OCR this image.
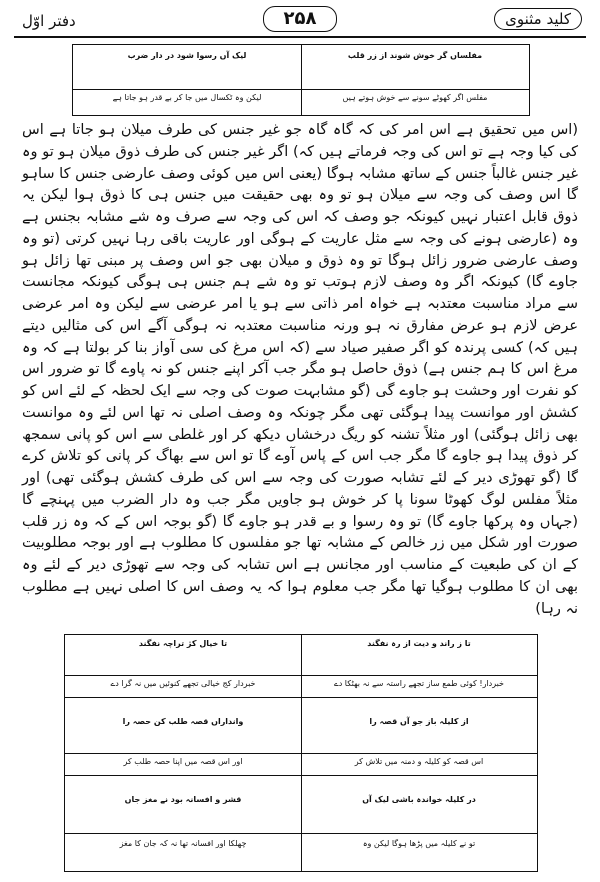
دفتر اوّل	۲۵۸	کلید مثنوی
مفلساں گر خوش شوند از زر قلب
لیک آں رسوا شود در دار ضرب
مفلس اگر کھوٹے سونے سے خوش ہوتے ہیں
لیکن وہ ٹکسال میں جا کر بے قدر ہو جاتا ہے

(اس میں تحقیق ہے اس امر کی کہ گاہ گاہ جو غیر جنس کی طرف میلان ہو جاتا ہے اس کی کیا وجہ ہے تو اس کی وجہ فرماتے ہیں کہ) اگر غیر جنس کی طرف ذوق میلان ہو تو وہ غیر جنس غالباً جنس کے ساتھ مشابہ ہوگا (یعنی اس میں کوئی وصف عارضی جنس کا ساہو گا اس وصف کی وجہ سے میلان ہو تو وہ بھی حقیقت میں جنس ہی کا ذوق ہوا لیکن یہ ذوق قابل اعتبار نہیں کیونکہ جو وصف کہ اس کی وجہ سے صرف وہ شے مشابہ بجنس ہے وہ (عارضی ہونے کی وجہ سے مثل عاریت کے ہوگی اور عاریت باقی رہا نہیں کرتی (تو وہ وصف عارضی ضرور زائل ہوگا تو وہ ذوق و میلان بھی جو اس وصف پر مبنی تھا زائل ہو جاوے گا) کیونکہ اگر وہ وصف لازم ہوتب تو وہ شے ہم جنس ہی ہوگی کیونکہ مجانست سے مراد مناسبت معتدبہ ہے خواہ امر ذاتی سے ہو یا امر عرضی سے لیکن وہ امر عرضی عرض لازم ہو عرض مفارق نہ ہو ورنہ مناسبت معتدبہ نہ ہوگی آگے اس کی مثالیں دیتے ہیں کہ) کسی پرندہ کو اگر صفیر صیاد سے (کہ اس مرغ کی سی آواز بنا کر بولتا ہے کہ وہ مرغ اس کا ہم جنس ہے) ذوق حاصل ہو مگر جب آکر اپنے جنس کو نہ پاوے گا تو ضرور اس کو نفرت اور وحشت ہو جاوے گی (گو مشابہت صوت کی وجہ سے ایک لحظہ کے لئے اس کو کشش اور موانست پیدا ہوگئی تھی مگر چونکہ وہ وصف اصلی نہ تھا اس لئے وہ موانست بھی زائل ہوگئی) اور مثلاً تشنہ کو ریگ درخشاں دیکھ کر اور غلطی سے اس کو پانی سمجھ کر ذوق پیدا ہو جاوے گا مگر جب اس کے پاس آوے گا تو اس سے بھاگ کر پانی کو تلاش کرے گا (گو تھوڑی دیر کے لئے تشابہ صورت کی وجہ سے اس کی طرف کشش ہوگئی تھی) اور مثلاً مفلس لوگ کھوٹا سونا پا کر خوش ہو جاویں مگر جب وہ دار الضرب میں پہنچے گا (جہاں وہ پرکھا جاوے گا) تو وہ رسوا و بے قدر ہو جاوے گا (گو بوجہ اس کے کہ وہ زر قلب صورت اور شکل میں زر خالص کے مشابہ تھا جو مفلسوں کا مطلوب ہے اور بوجہ مطلوبیت کے ان کی طبعیت کے مناسب اور مجانس ہے اس تشابہ کی وجہ سے تھوڑی دیر کے لئے وہ بھی ان کا مطلوب ہوگیا تھا مگر جب معلوم ہوا کہ یہ وصف اس کا اصلی نہیں ہے مطلوب نہ رہا)

تا ز راند و دیت از رہ نفگند
تا خیال کژ تراچہ نفگند
خبردار! کوئی طمع ساز تجھے راستہ سے نہ بھٹکا دے
خبردار کج خیالی تجھے کنوئیں میں نہ گرا دے
از کلیلہ باز جو آں قصہ را
وانداراں قصہ طلب کن حصہ را
اس قصہ کو کلیلہ و دمنہ میں تلاش کر
اور اس قصہ میں اپنا حصہ طلب کر
در کلیلہ خواندہ باشی لیک آں
قشر و افسانہ بود نے مغز جاں
تو نے کلیلہ میں پڑھا ہوگا لیکن وہ
چھلکا اور افسانہ تھا نہ کہ جان کا مغز
